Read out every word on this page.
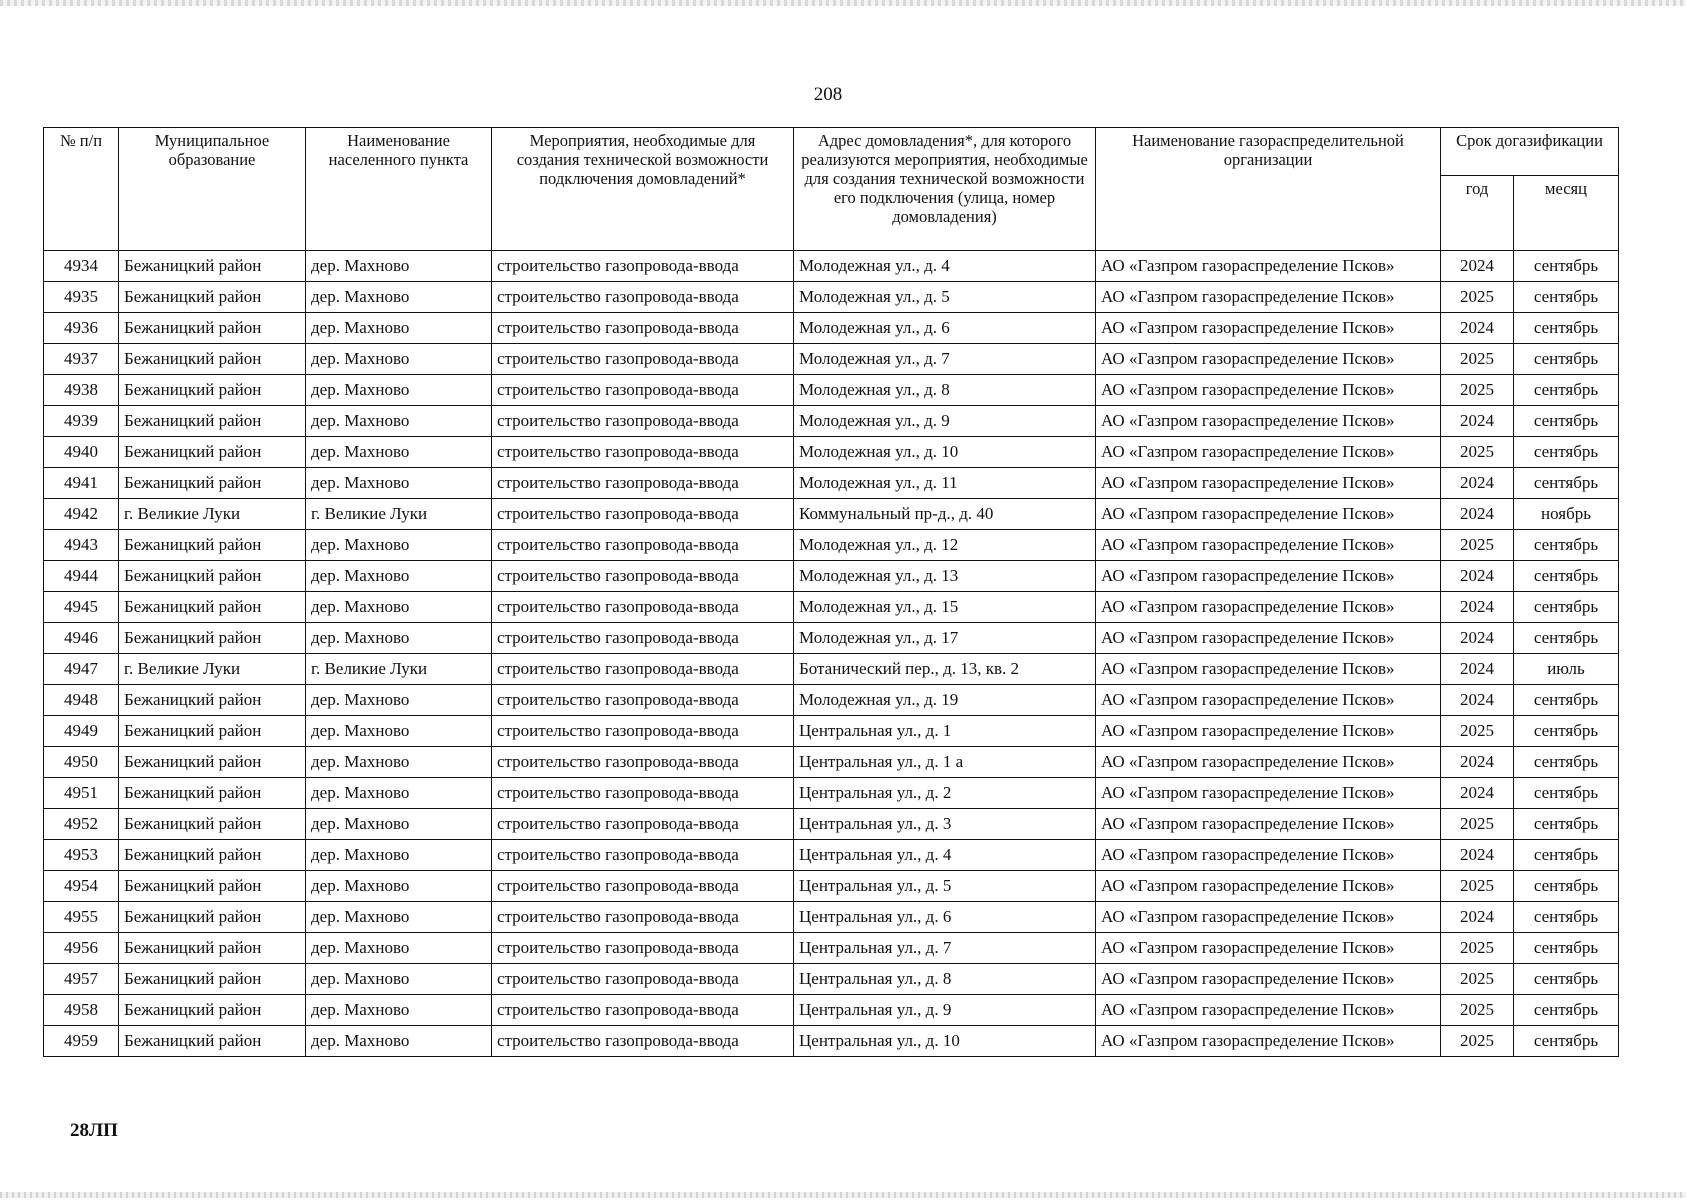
208
№ п/п	Муниципальное образование	Наименование населенного пункта	Мероприятия, необходимые для создания технической возможности подключения домовладений*	Адрес домовладения*, для которого реализуются мероприятия, необходимые для создания технической возможности его подключения (улица, номер домовладения)	Наименование газораспределительной организации	Срок догазификации	
						год	месяц
4934	Бежаницкий район	дер. Махново	строительство газопровода-ввода	Молодежная ул., д. 4	АО «Газпром газораспределение Псков»	2024	сентябрь
4935	Бежаницкий район	дер. Махново	строительство газопровода-ввода	Молодежная ул., д. 5	АО «Газпром газораспределение Псков»	2025	сентябрь
4936	Бежаницкий район	дер. Махново	строительство газопровода-ввода	Молодежная ул., д. 6	АО «Газпром газораспределение Псков»	2024	сентябрь
4937	Бежаницкий район	дер. Махново	строительство газопровода-ввода	Молодежная ул., д. 7	АО «Газпром газораспределение Псков»	2025	сентябрь
4938	Бежаницкий район	дер. Махново	строительство газопровода-ввода	Молодежная ул., д. 8	АО «Газпром газораспределение Псков»	2025	сентябрь
4939	Бежаницкий район	дер. Махново	строительство газопровода-ввода	Молодежная ул., д. 9	АО «Газпром газораспределение Псков»	2024	сентябрь
4940	Бежаницкий район	дер. Махново	строительство газопровода-ввода	Молодежная ул., д. 10	АО «Газпром газораспределение Псков»	2025	сентябрь
4941	Бежаницкий район	дер. Махново	строительство газопровода-ввода	Молодежная ул., д. 11	АО «Газпром газораспределение Псков»	2024	сентябрь
4942	г. Великие Луки	г. Великие Луки	строительство газопровода-ввода	Коммунальный пр-д., д. 40	АО «Газпром газораспределение Псков»	2024	ноябрь
4943	Бежаницкий район	дер. Махново	строительство газопровода-ввода	Молодежная ул., д. 12	АО «Газпром газораспределение Псков»	2025	сентябрь
4944	Бежаницкий район	дер. Махново	строительство газопровода-ввода	Молодежная ул., д. 13	АО «Газпром газораспределение Псков»	2024	сентябрь
4945	Бежаницкий район	дер. Махново	строительство газопровода-ввода	Молодежная ул., д. 15	АО «Газпром газораспределение Псков»	2024	сентябрь
4946	Бежаницкий район	дер. Махново	строительство газопровода-ввода	Молодежная ул., д. 17	АО «Газпром газораспределение Псков»	2024	сентябрь
4947	г. Великие Луки	г. Великие Луки	строительство газопровода-ввода	Ботанический пер., д. 13, кв. 2	АО «Газпром газораспределение Псков»	2024	июль
4948	Бежаницкий район	дер. Махново	строительство газопровода-ввода	Молодежная ул., д. 19	АО «Газпром газораспределение Псков»	2024	сентябрь
4949	Бежаницкий район	дер. Махново	строительство газопровода-ввода	Центральная ул., д. 1	АО «Газпром газораспределение Псков»	2025	сентябрь
4950	Бежаницкий район	дер. Махново	строительство газопровода-ввода	Центральная ул., д. 1 а	АО «Газпром газораспределение Псков»	2024	сентябрь
4951	Бежаницкий район	дер. Махново	строительство газопровода-ввода	Центральная ул., д. 2	АО «Газпром газораспределение Псков»	2024	сентябрь
4952	Бежаницкий район	дер. Махново	строительство газопровода-ввода	Центральная ул., д. 3	АО «Газпром газораспределение Псков»	2025	сентябрь
4953	Бежаницкий район	дер. Махново	строительство газопровода-ввода	Центральная ул., д. 4	АО «Газпром газораспределение Псков»	2024	сентябрь
4954	Бежаницкий район	дер. Махново	строительство газопровода-ввода	Центральная ул., д. 5	АО «Газпром газораспределение Псков»	2025	сентябрь
4955	Бежаницкий район	дер. Махново	строительство газопровода-ввода	Центральная ул., д. 6	АО «Газпром газораспределение Псков»	2024	сентябрь
4956	Бежаницкий район	дер. Махново	строительство газопровода-ввода	Центральная ул., д. 7	АО «Газпром газораспределение Псков»	2025	сентябрь
4957	Бежаницкий район	дер. Махново	строительство газопровода-ввода	Центральная ул., д. 8	АО «Газпром газораспределение Псков»	2025	сентябрь
4958	Бежаницкий район	дер. Махново	строительство газопровода-ввода	Центральная ул., д. 9	АО «Газпром газораспределение Псков»	2025	сентябрь
4959	Бежаницкий район	дер. Махново	строительство газопровода-ввода	Центральная ул., д. 10	АО «Газпром газораспределение Псков»	2025	сентябрь
28ЛП
